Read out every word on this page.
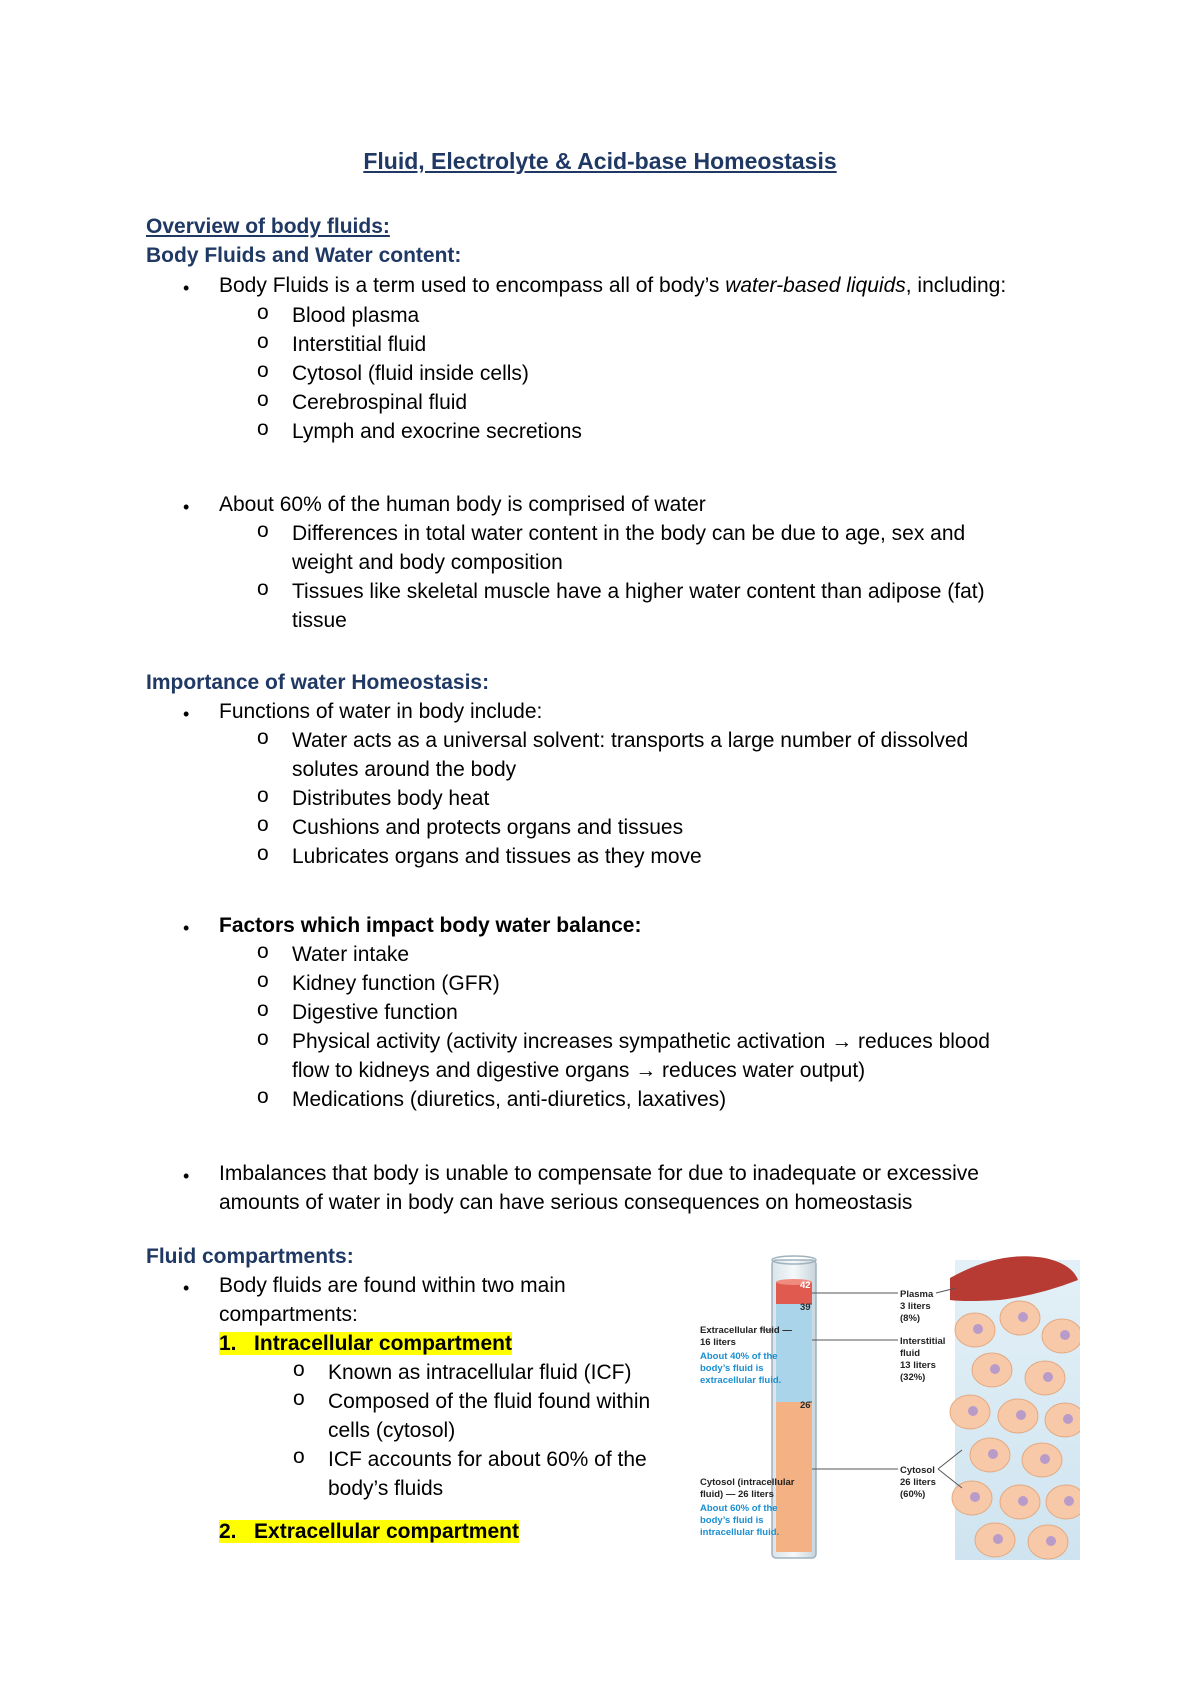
Fluid, Electrolyte & Acid-base Homeostasis
Overview of body fluids:
Body Fluids and Water content:
• Body Fluids is a term used to encompass all of body’s water-based liquids, including:
o Blood plasma
o Interstitial fluid
o Cytosol (fluid inside cells)
o Cerebrospinal fluid
o Lymph and exocrine secretions
• About 60% of the human body is comprised of water
o Differences in total water content in the body can be due to age, sex and
weight and body composition
o Tissues like skeletal muscle have a higher water content than adipose (fat)
tissue
Importance of water Homeostasis:
• Functions of water in body include:
o Water acts as a universal solvent: transports a large number of dissolved
solutes around the body
o Distributes body heat
o Cushions and protects organs and tissues
o Lubricates organs and tissues as they move
• Factors which impact body water balance:
o Water intake
o Kidney function (GFR)
o Digestive function
o Physical activity (activity increases sympathetic activation → reduces blood
flow to kidneys and digestive organs → reduces water output)
o Medications (diuretics, anti-diuretics, laxatives)
• Imbalances that body is unable to compensate for due to inadequate or excessive
amounts of water in body can have serious consequences on homeostasis
Fluid compartments:
• Body fluids are found within two main
compartments:
1. Intracellular compartment
o Known as intracellular fluid (ICF)
o Composed of the fluid found within
cells (cytosol)
o ICF accounts for about 60% of the
body’s fluids
2. Extracellular compartment
42
39
26
Extracellular fluid —
16 liters
About 40% of the
body’s fluid is
extracellular fluid.
Cytosol (intracellular
fluid) — 26 liters
About 60% of the
body’s fluid is
intracellular fluid.
Plasma
3 liters
(8%)
Interstitial
fluid
13 liters
(32%)
Cytosol
26 liters
(60%)
